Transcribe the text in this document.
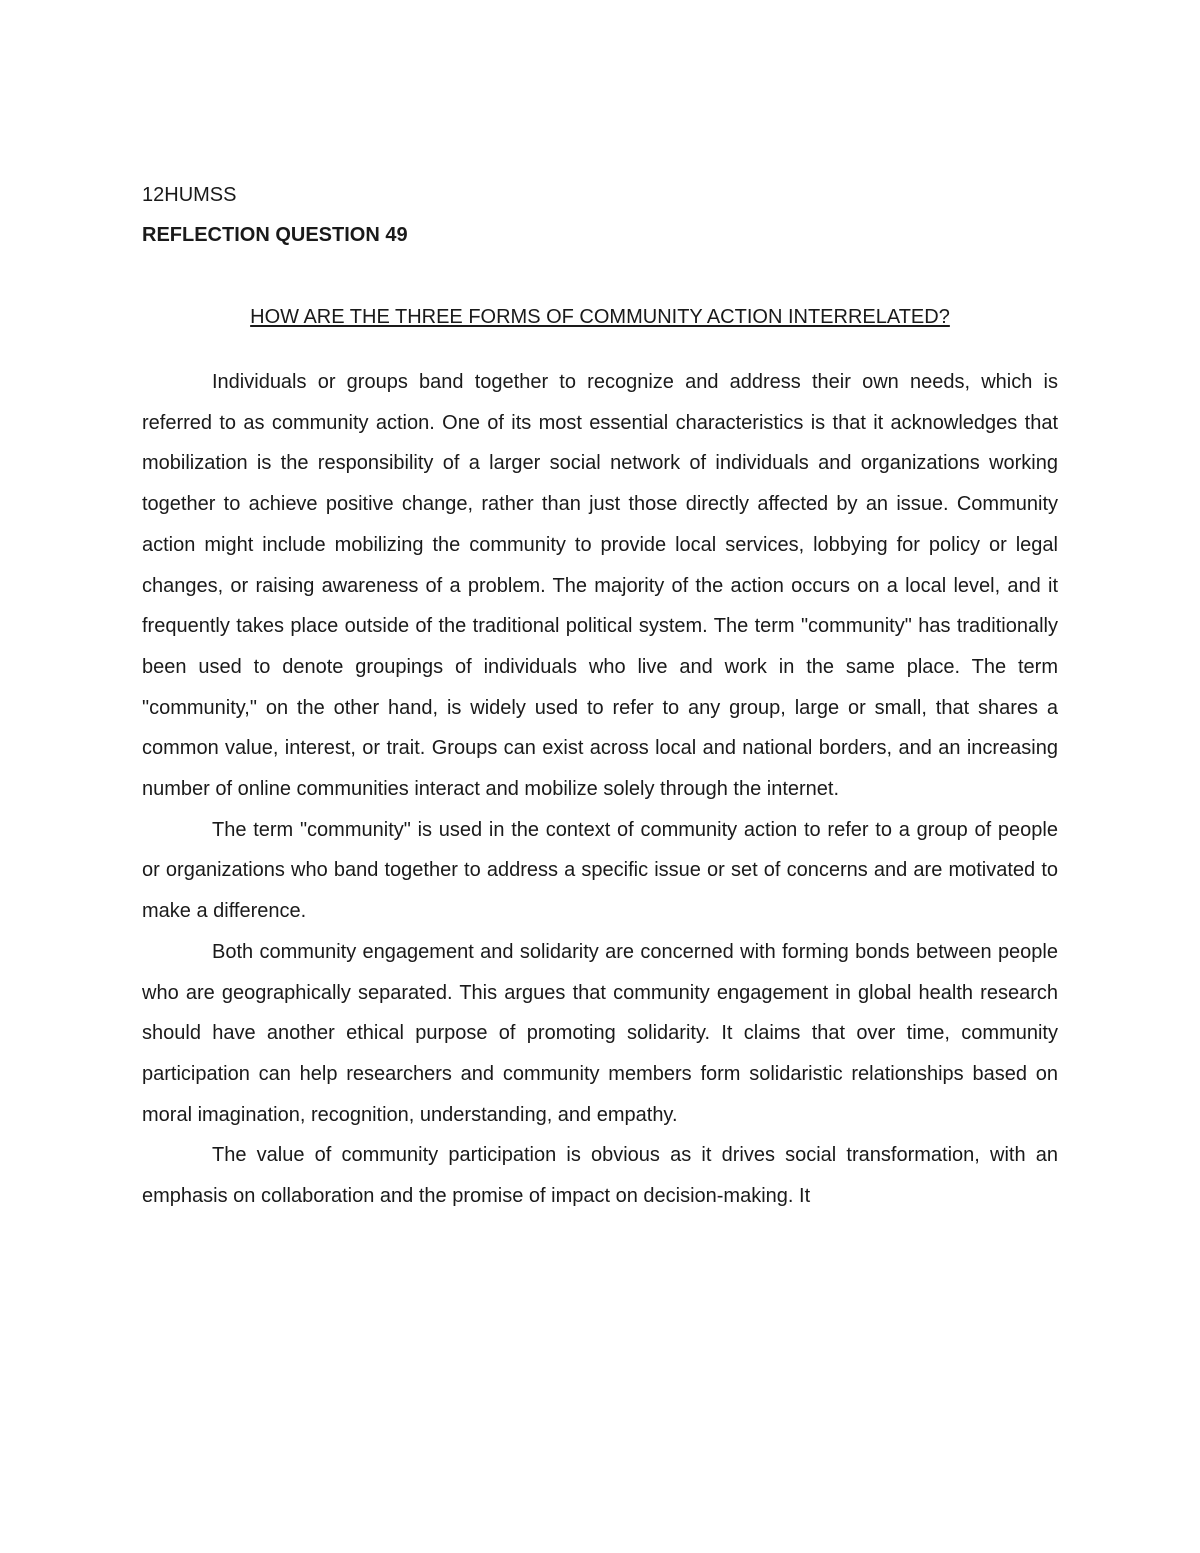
12HUMSS

REFLECTION QUESTION 49

HOW ARE THE THREE FORMS OF COMMUNITY ACTION INTERRELATED?

Individuals or groups band together to recognize and address their own needs, which is referred to as community action. One of its most essential characteristics is that it acknowledges that mobilization is the responsibility of a larger social network of individuals and organizations working together to achieve positive change, rather than just those directly affected by an issue. Community action might include mobilizing the community to provide local services, lobbying for policy or legal changes, or raising awareness of a problem. The majority of the action occurs on a local level, and it frequently takes place outside of the traditional political system. The term "community" has traditionally been used to denote groupings of individuals who live and work in the same place. The term "community," on the other hand, is widely used to refer to any group, large or small, that shares a common value, interest, or trait. Groups can exist across local and national borders, and an increasing number of online communities interact and mobilize solely through the internet.

The term "community" is used in the context of community action to refer to a group of people or organizations who band together to address a specific issue or set of concerns and are motivated to make a difference.

Both community engagement and solidarity are concerned with forming bonds between people who are geographically separated. This argues that community engagement in global health research should have another ethical purpose of promoting solidarity. It claims that over time, community participation can help researchers and community members form solidaristic relationships based on moral imagination, recognition, understanding, and empathy.

The value of community participation is obvious as it drives social transformation, with an emphasis on collaboration and the promise of impact on decision-making. It
